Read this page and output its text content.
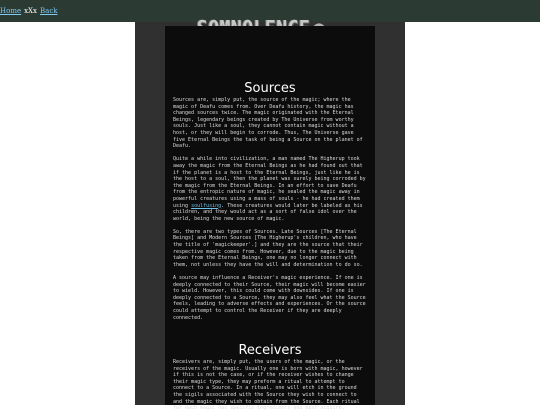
Home xXx Back
Sources

Sources are, simply put, the source of the magic; where the magic of Deafu comes from. Over Deafu history, the magic has changed sources twice. The magic originated with the Eternal Beings, legendary beings created by The Universe from worthy souls. Just like a soul, they cannot contain magic without a host, or they will begin to corrode. Thus, The Universe gave five Eternal Beings the task of being a Source on the planet of Deafu.

Quite a while into civilization, a man named The Higherup took away the magic from the Eternal Beings as he had found out that if the planet is a host to the Eternal Beings, just like he is the host to a soul, then the planet was surely being corroded by the magic from the Eternal Beings. In an effort to save Deafu from the entropic nature of magic, he sealed the magic away in powerful creatures using a mass of souls - he had created them using soulfusing. These creatures would later be labeled as his children, and they would act as a sort of false idol over the world, being the new source of magic.

So, there are two types of Sources. Late Sources [The Eternal Beings] and Modern Sources [The Higherup's children, who have the title of 'magickeeper'.] and they are the source that their respective magic comes from. However, due to the magic being taken from the Eternal Beings, one may no longer connect with them, not unless they have the will and determination to do so.

A source may influence a Receiver's magic experience. If one is deeply connected to their Source, their magic will become easier to wield. However, this could come with downsides. If one is deeply connected to a Source, they may also feel what the Source feels, leading to adverse effects and experiences. Or the source could attempt to control the Receiver if they are deeply connected.

Receivers

Receivers are, simply put, the users of the magic, or the receivers of the magic. Usually one is born with magic, however if this is not the case, or if the receiver wishes to change their magic type, they may preform a ritual to attempt to connect to a Source. In a ritual, one will etch in the ground the sigils associated with the Source they wish to connect to and the magic they wish to obtain from the Source. Each ritual for each magic has specific ingredients you must acquire,
